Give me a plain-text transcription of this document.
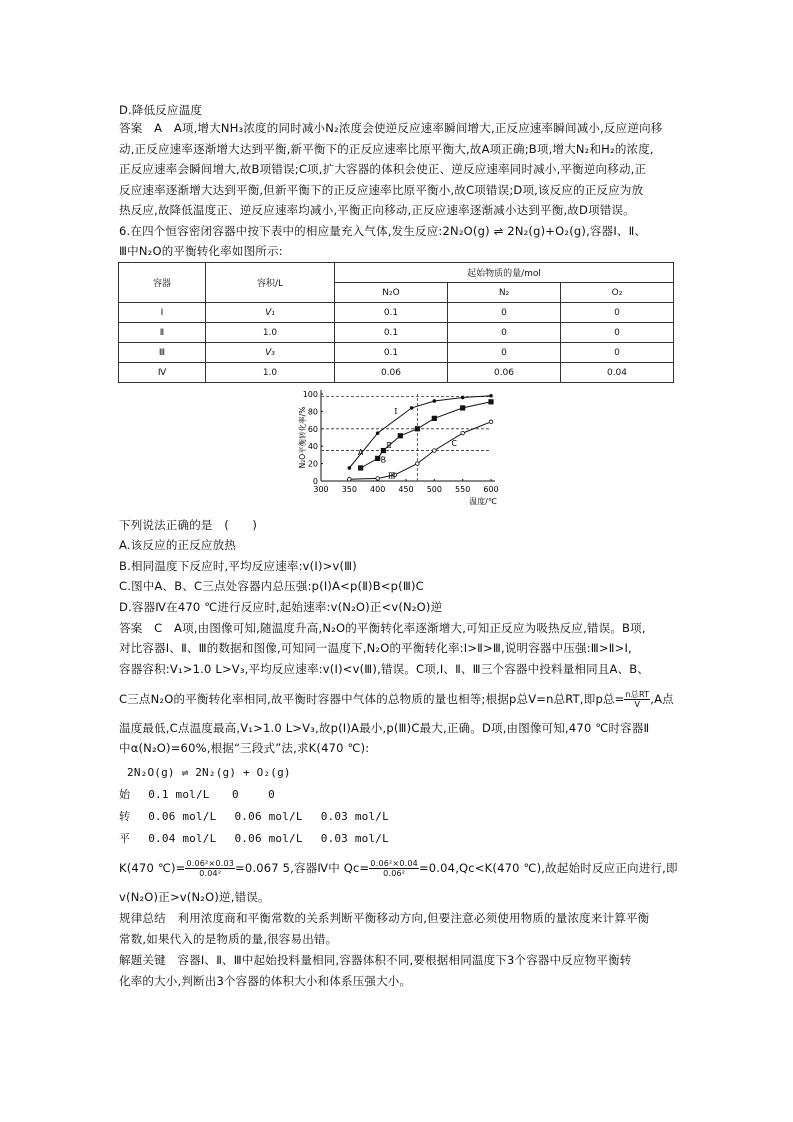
D.降低反应温度
答案　A　A项,增大NH₃浓度的同时减小N₂浓度会使逆反应速率瞬间增大,正反应速率瞬间减小,反应逆向移
动,正反应速率逐渐增大达到平衡,新平衡下的正反应速率比原平衡大,故A项正确;B项,增大N₂和H₂的浓度,
正反应速率会瞬间增大,故B项错误;C项,扩大容器的体积会使正、逆反应速率同时减小,平衡逆向移动,正
反应速率逐渐增大达到平衡,但新平衡下的正反应速率比原平衡小,故C项错误;D项,该反应的正反应为放
热反应,故降低温度正、逆反应速率均减小,平衡正向移动,正反应速率逐渐减小达到平衡,故D项错误。
6.在四个恒容密闭容器中按下表中的相应量充入气体,发生反应:2N₂O(g) ⇌ 2N₂(g)+O₂(g),容器Ⅰ、Ⅱ、
Ⅲ中N₂O的平衡转化率如图所示:
容器	容积/L	起始物质的量/mol		
		N₂O	N₂	O₂
Ⅰ	V₁	0.1	0	0
Ⅱ	1.0	0.1	0	0
Ⅲ	V₃	0.1	0	0
Ⅳ	1.0	0.06	0.06	0.04
300 350 400 450 500 550 600
0
20
40
60
80
100
温度/℃
N₂O平衡转化率/%	Ⅰ
Ⅱ
Ⅲ
A
B
C
下列说法正确的是　(　　)
A.该反应的正反应放热
B.相同温度下反应时,平均反应速率:v(Ⅰ)>v(Ⅲ)
C.图中A、B、C三点处容器内总压强:p(Ⅰ)A<p(Ⅱ)B<p(Ⅲ)C
D.容器Ⅳ在470 ℃进行反应时,起始速率:v(N₂O)正<v(N₂O)逆
答案　C　A项,由图像可知,随温度升高,N₂O的平衡转化率逐渐增大,可知正反应为吸热反应,错误。B项,
对比容器Ⅰ、Ⅱ、Ⅲ的数据和图像,可知同一温度下,N₂O的平衡转化率:Ⅰ>Ⅱ>Ⅲ,说明容器中压强:Ⅲ>Ⅱ>Ⅰ,
容器容积:V₁>1.0 L>V₃,平均反应速率:v(Ⅰ)<v(Ⅲ),错误。C项,Ⅰ、Ⅱ、Ⅲ三个容器中投料量相同且A、B、
C三点N₂O的平衡转化率相同,故平衡时容器中气体的总物质的量也相等;根据p总V=n总RT,即p总= $\frac{\text{n总RT}}{V} ,A$点
温度最低,C点温度最高,V₁>1.0 L>V₃,故p(Ⅰ)A最小,p(Ⅲ)C最大,正确。D项,由图像可知,470 ℃时容器Ⅱ
中α(N₂O)=60%,根据“三段式”法,求K(470 ℃):
2N₂O(g) ⇌ 2N₂(g) + O₂(g)
始　 0.1 mol/L　　0　　 0
转　 0.06 mol/L　 0.06 mol/L　 0.03 mol/L
平　 0.04 mol/L　 0.06 mol/L　 0.03 mol/L
K(470 ℃)= $\frac{\text{0.06²×0.03}}{\text{0.04²}} =0.067$ 5,容器Ⅳ中 $Qc= \frac{\text{0.06²×0.04}}{\text{0.06²}} =0.04,Qc<K(470$ ℃),故起始时反应正向进行,即
v(N₂O)正>v(N₂O)逆,错误。
规律总结　利用浓度商和平衡常数的关系判断平衡移动方向,但要注意必须使用物质的量浓度来计算平衡
常数,如果代入的是物质的量,很容易出错。
解题关键　容器Ⅰ、Ⅱ、Ⅲ中起始投料量相同,容器体积不同,要根据相同温度下3个容器中反应物平衡转
化率的大小,判断出3个容器的体积大小和体系压强大小。
